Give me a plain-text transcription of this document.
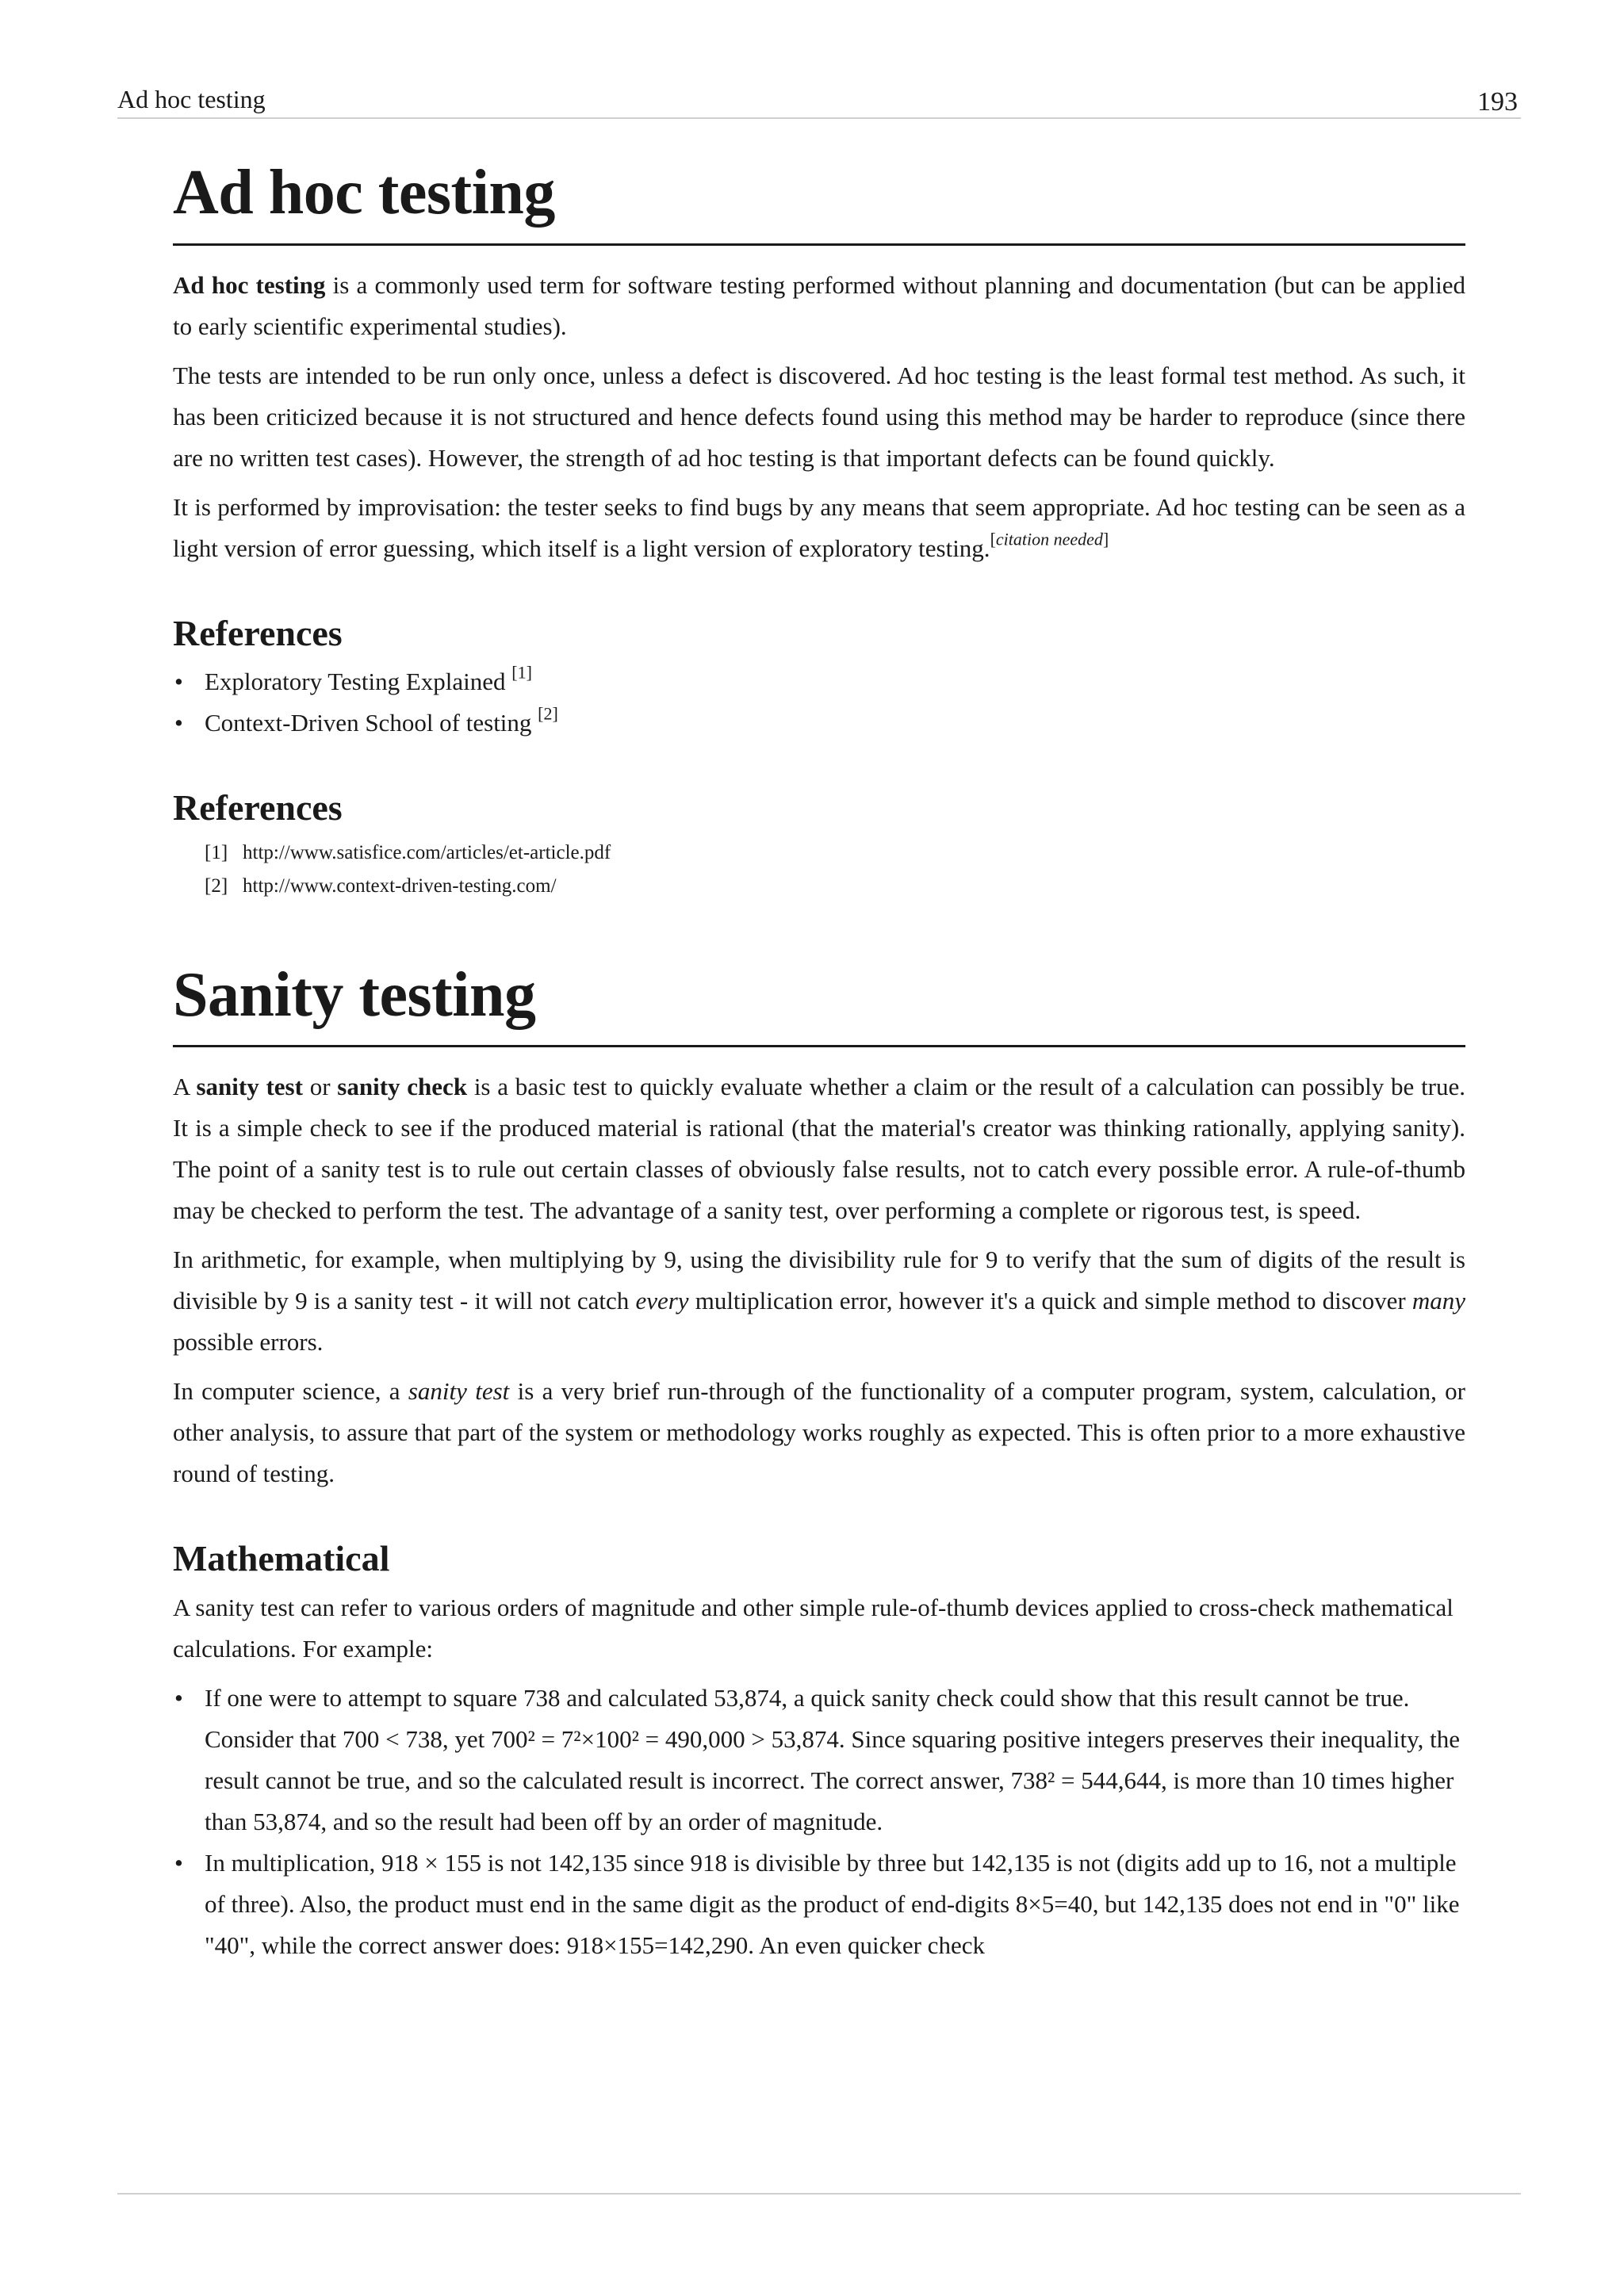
Ad hoc testing	193
Ad hoc testing

Ad hoc testing is a commonly used term for software testing performed without planning and documentation (but can be applied to early scientific experimental studies).

The tests are intended to be run only once, unless a defect is discovered. Ad hoc testing is the least formal test method. As such, it has been criticized because it is not structured and hence defects found using this method may be harder to reproduce (since there are no written test cases). However, the strength of ad hoc testing is that important defects can be found quickly.

It is performed by improvisation: the tester seeks to find bugs by any means that seem appropriate. Ad hoc testing can be seen as a light version of error guessing, which itself is a light version of exploratory testing.[citation needed]

References
• Exploratory Testing Explained [1]
• Context-Driven School of testing [2]
References
[1] http://www.satisfice.com/articles/et-article.pdf
[2] http://www.context-driven-testing.com/
Sanity testing

A sanity test or sanity check is a basic test to quickly evaluate whether a claim or the result of a calculation can possibly be true. It is a simple check to see if the produced material is rational (that the material's creator was thinking rationally, applying sanity). The point of a sanity test is to rule out certain classes of obviously false results, not to catch every possible error. A rule-of-thumb may be checked to perform the test. The advantage of a sanity test, over performing a complete or rigorous test, is speed.

In arithmetic, for example, when multiplying by 9, using the divisibility rule for 9 to verify that the sum of digits of the result is divisible by 9 is a sanity test - it will not catch every multiplication error, however it's a quick and simple method to discover many possible errors.

In computer science, a sanity test is a very brief run-through of the functionality of a computer program, system, calculation, or other analysis, to assure that part of the system or methodology works roughly as expected. This is often prior to a more exhaustive round of testing.

Mathematical

A sanity test can refer to various orders of magnitude and other simple rule-of-thumb devices applied to cross-check mathematical calculations. For example:

• If one were to attempt to square 738 and calculated 53,874, a quick sanity check could show that this result cannot be true. Consider that 700 < 738, yet 700² = 7²×100² = 490,000 > 53,874. Since squaring positive integers preserves their inequality, the result cannot be true, and so the calculated result is incorrect. The correct answer, 738² = 544,644, is more than 10 times higher than 53,874, and so the result had been off by an order of magnitude.
• In multiplication, 918 × 155 is not 142,135 since 918 is divisible by three but 142,135 is not (digits add up to 16, not a multiple of three). Also, the product must end in the same digit as the product of end-digits 8×5=40, but 142,135 does not end in "0" like "40", while the correct answer does: 918×155=142,290. An even quicker check
